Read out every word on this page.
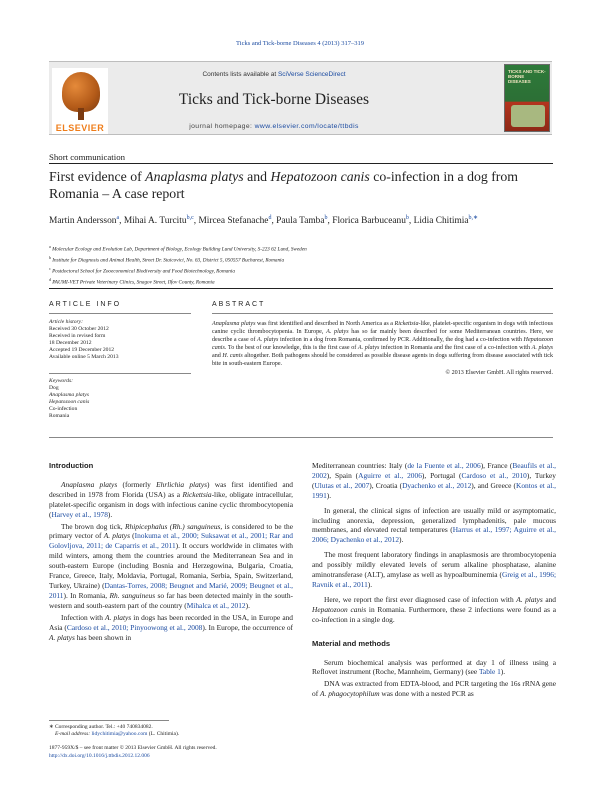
Ticks and Tick-borne Diseases 4 (2013) 317–319
ELSEVIER
Contents lists available at SciVerse ScienceDirect
Ticks and Tick-borne Diseases
journal homepage: www.elsevier.com/locate/ttbdis
TICKS AND TICK-BORNE DISEASES
Short communication
First evidence of Anaplasma platys and Hepatozoon canis co-infection in a dog from Romania – A case report
Martin Andersson$^a$, Mihai A. Turcitu$^{b,c}$, Mircea Stefanache$^d$, Paula Tamba$^b$, Florica Barbuceanu$^b$, Lidia Chitimia$^{b,∗}$
$^a$ Molecular Ecology and Evolution Lab, Department of Biology, Ecology Building Lund University, S-223 62 Lund, Sweden
$^b$ Institute for Diagnosis and Animal Health, Street Dr. Staicovici, No. 63, District 5, 050557 Bucharest, Romania
$^c$ Postdoctoral School for Zooeconomical Biodiversity and Food Biotechnology, Romania
$^d$ PAUMI-VET Private Veterinary Clinics, Snagov Street, Ilfov County, Romania
ARTICLE INFO	ABSTRACT
Article history:
Received 30 October 2012
Received in revised form
18 December 2012
Accepted 19 December 2012
Available online 5 March 2013
Keywords:
Dog
Anaplasma platys
Hepatozoon canis
Co-infection
Romania
Anaplasma platys was first identified and described in North America as a Rickettsia-like, platelet-specific organism in dogs with infectious canine cyclic thrombocytopenia. In Europe, A. platys has so far mainly been described for some Mediterranean countries. Here, we describe a case of A. platys infection in a dog from Romania, confirmed by PCR. Additionally, the dog had a co-infection with Hepatozoon canis. To the best of our knowledge, this is the first case of A. platys infection in Romania and the first case of a co-infection with A. platys and H. canis altogether. Both pathogens should be considered as possible disease agents in dogs suffering from disease associated with tick bite in south-eastern Europe.
© 2013 Elsevier GmbH. All rights reserved.
Introduction

Anaplasma platys (formerly Ehrlichia platys) was first identified and described in 1978 from Florida (USA) as a Rickettsia-like, obligate intracellular, platelet-specific organism in dogs with infectious canine cyclic thrombocytopenia (Harvey et al., 1978).

The brown dog tick, Rhipicephalus (Rh.) sanguineus, is considered to be the primary vector of A. platys (Inokuma et al., 2000; Suksawat et al., 2001; Rar and Golovljova, 2011; de Caparris et al., 2011). It occurs worldwide in climates with mild winters, among them the countries around the Mediterranean Sea and in south-eastern Europe (including Bosnia and Herzegowina, Bulgaria, Croatia, France, Greece, Italy, Moldavia, Portugal, Romania, Serbia, Spain, Switzerland, Turkey, Ukraine) (Dantas-Torres, 2008; Beugnet and Marié, 2009; Beugnet et al., 2011). In Romania, Rh. sanguineus so far has been detected mainly in the south-western and south-eastern part of the country (Mihalca et al., 2012).

Infection with A. platys in dogs has been recorded in the USA, in Europe and Asia (Cardoso et al., 2010; Pinyoowong et al., 2008). In Europe, the occurrence of A. platys has been shown in

∗ Corresponding author. Tel.: +40 740834082.
E-mail address: lidychitimia@yahoo.com (L. Chitimia).
1877-959X/$ – see front matter © 2013 Elsevier GmbH. All rights reserved.
http://dx.doi.org/10.1016/j.ttbdis.2012.12.006

Mediterranean countries: Italy (de la Fuente et al., 2006), France (Beaufils et al., 2002), Spain (Aguirre et al., 2006), Portugal (Cardoso et al., 2010), Turkey (Ulutas et al., 2007), Croatia (Dyachenko et al., 2012), and Greece (Kontos et al., 1991).

In general, the clinical signs of infection are usually mild or asymptomatic, including anorexia, depression, generalized lymphadenitis, pale mucous membranes, and elevated rectal temperatures (Harrus et al., 1997; Aguirre et al., 2006; Dyachenko et al., 2012).

The most frequent laboratory findings in anaplasmosis are thrombocytopenia and possibly mildly elevated levels of serum alkaline phosphatase, alanine aminotransferase (ALT), amylase as well as hypoalbuminemia (Greig et al., 1996; Ravnik et al., 2011).

Here, we report the first ever diagnosed case of infection with A. platys and Hepatozoon canis in Romania. Furthermore, these 2 infections were found as a co-infection in a single dog.

Material and methods

Serum biochemical analysis was performed at day 1 of illness using a Reflovet instrument (Roche, Mannheim, Germany) (see Table 1).

DNA was extracted from EDTA-blood, and PCR targeting the 16s rRNA gene of A. phagocytophilum was done with a nested PCR as
